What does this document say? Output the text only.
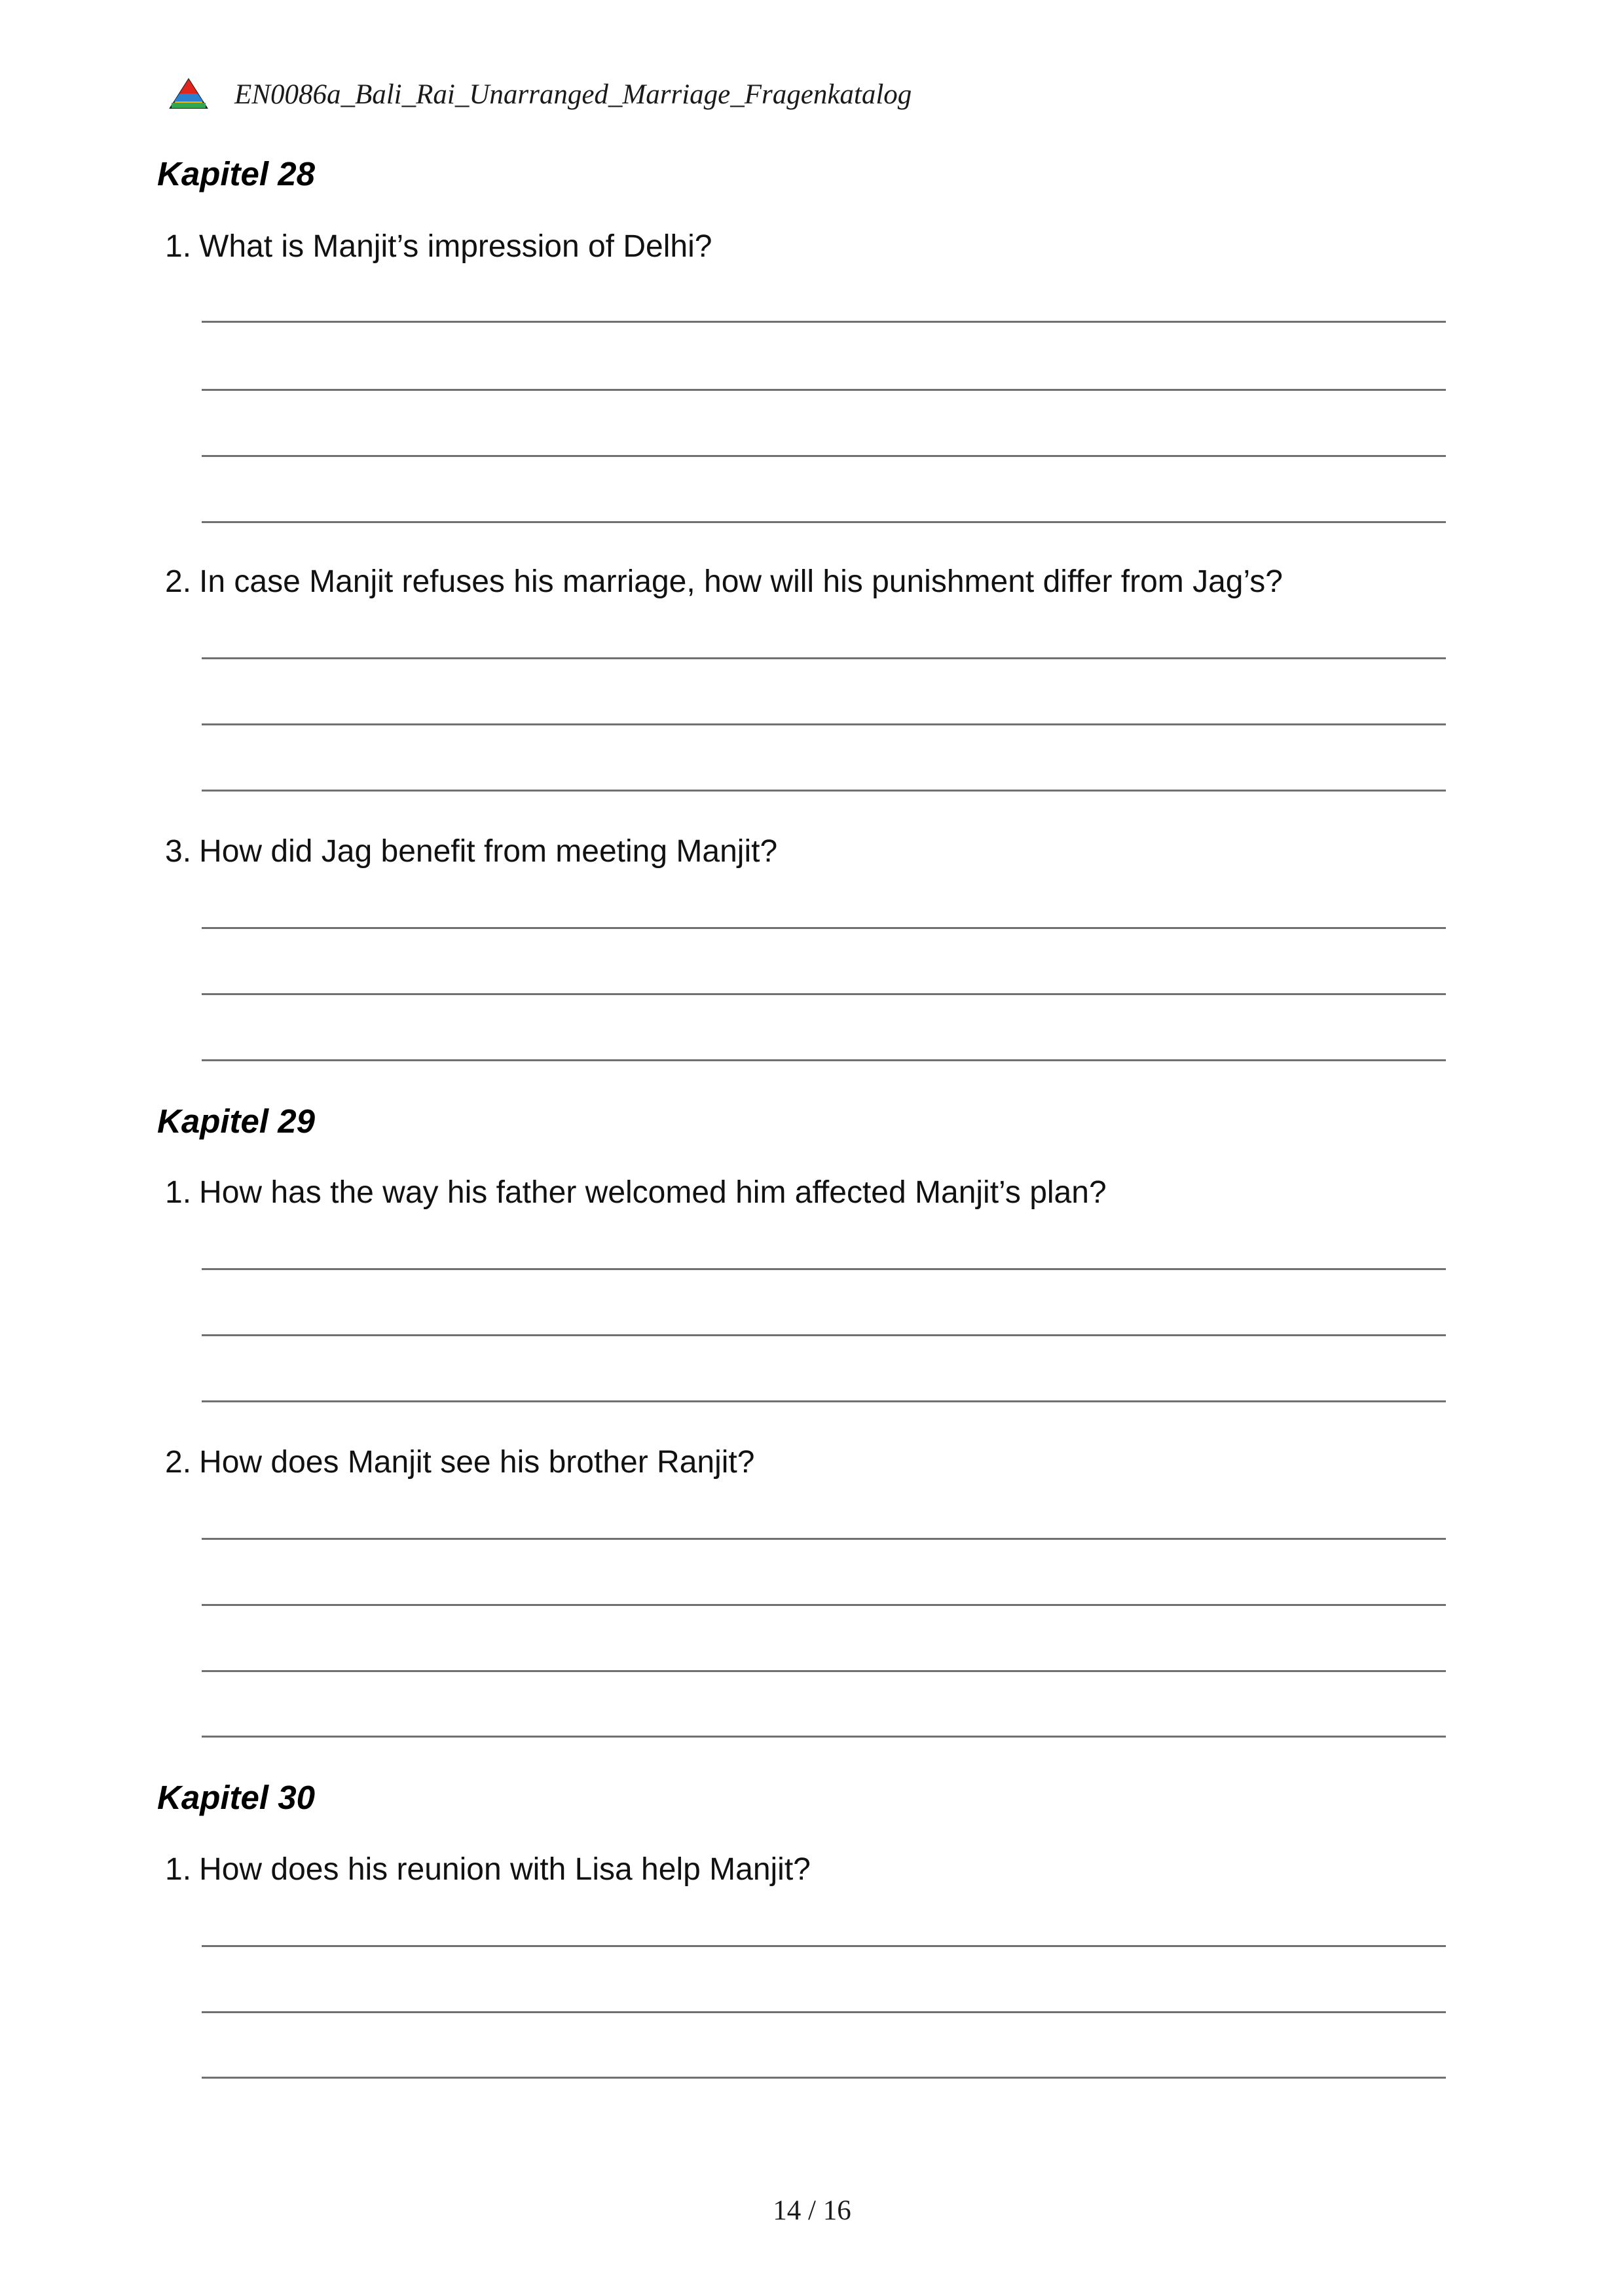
EN0086a_Bali_Rai_Unarranged_Marriage_Fragenkatalog
Kapitel 28
1. What is Manjit’s impression of Delhi?
2. In case Manjit refuses his marriage, how will his punishment differ from Jag’s?
3. How did Jag benefit from meeting Manjit?
Kapitel 29
1. How has the way his father welcomed him affected Manjit’s plan?
2. How does Manjit see his brother Ranjit?
Kapitel 30
1. How does his reunion with Lisa help Manjit?
14 / 16
